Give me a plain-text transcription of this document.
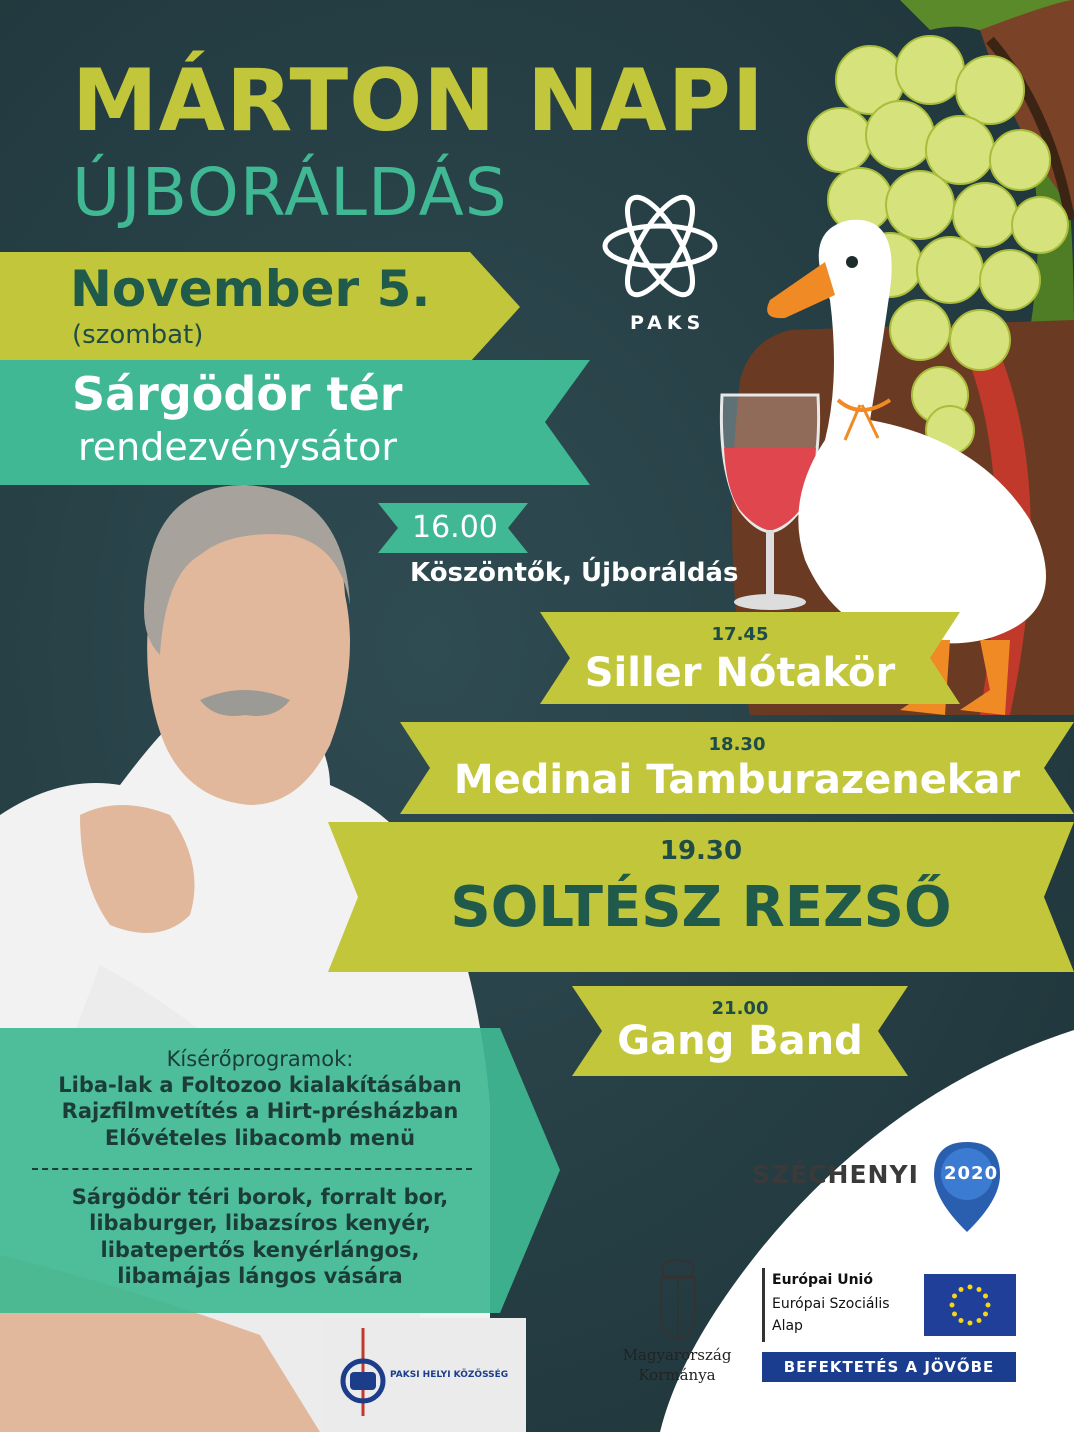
MÁRTON NAPI
ÚJBORÁLDÁS
PAKS
November 5.
(szombat)
Sárgödör tér
rendezvénysátor
16.00
Köszöntők, Újboráldás
17.45
Siller Nótakör
18.30
Medinai Tamburazenekar
19.30
SOLTÉSZ REZSŐ
21.00
Gang Band
Kísérőprogramok:
Liba-lak a Foltozoo kialakításában
Rajzfilmvetítés a Hirt-présházban
Elővételes libacomb menü
Sárgödör téri borok, forralt bor,
libaburger, libazsíros kenyér,
libatepertős kenyérlángos,
libamájas lángos vására
SZÉCHENYI 2020
Magyarország
Kormánya
Európai Unió
Európai Szociális
Alap
BEFEKTETÉS A JÖVŐBE
PAKSI HELYI KÖZÖSSÉG
